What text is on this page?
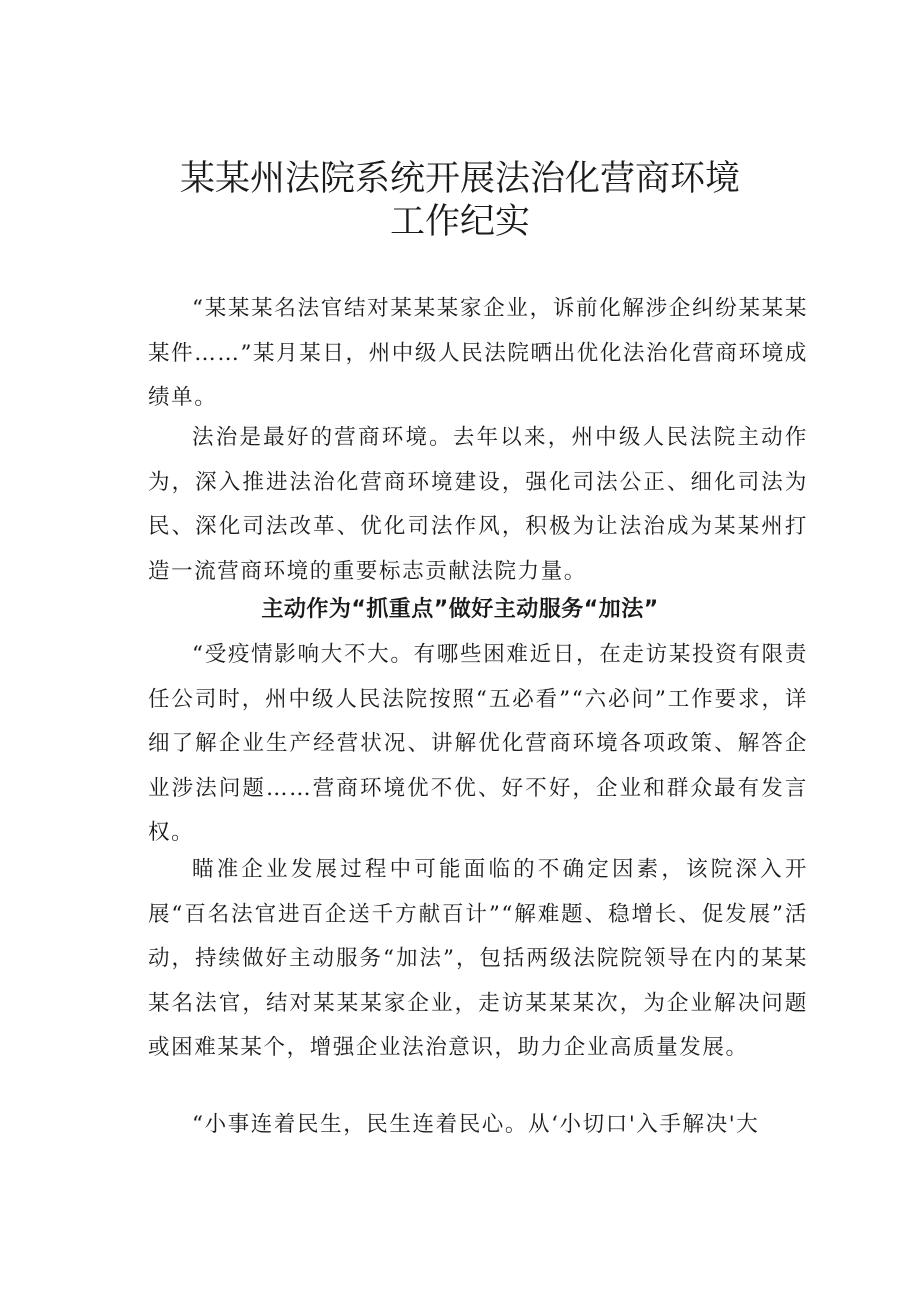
某某州法院系统开展法治化营商环境
工作纪实

“某某某名法官结对某某某家企业，诉前化解涉企纠纷某某某某件……”某月某日，州中级人民法院晒出优化法治化营商环境成绩单。

法治是最好的营商环境。去年以来，州中级人民法院主动作为，深入推进法治化营商环境建设，强化司法公正、细化司法为民、深化司法改革、优化司法作风，积极为让法治成为某某州打造一流营商环境的重要标志贡献法院力量。

主动作为“抓重点”做好主动服务“加法”

“受疫情影响大不大。有哪些困难近日，在走访某投资有限责任公司时，州中级人民法院按照“五必看”“六必问”工作要求，详细了解企业生产经营状况、讲解优化营商环境各项政策、解答企业涉法问题……营商环境优不优、好不好，企业和群众最有发言权。

瞄准企业发展过程中可能面临的不确定因素，该院深入开展“百名法官进百企送千方献百计”“解难题、稳增长、促发展”活动，持续做好主动服务“加法”，包括两级法院院领导在内的某某某名法官，结对某某某家企业，走访某某某次，为企业解决问题或困难某某个，增强企业法治意识，助力企业高质量发展。

“小事连着民生，民生连着民心。从‘小切口'入手解决'大
